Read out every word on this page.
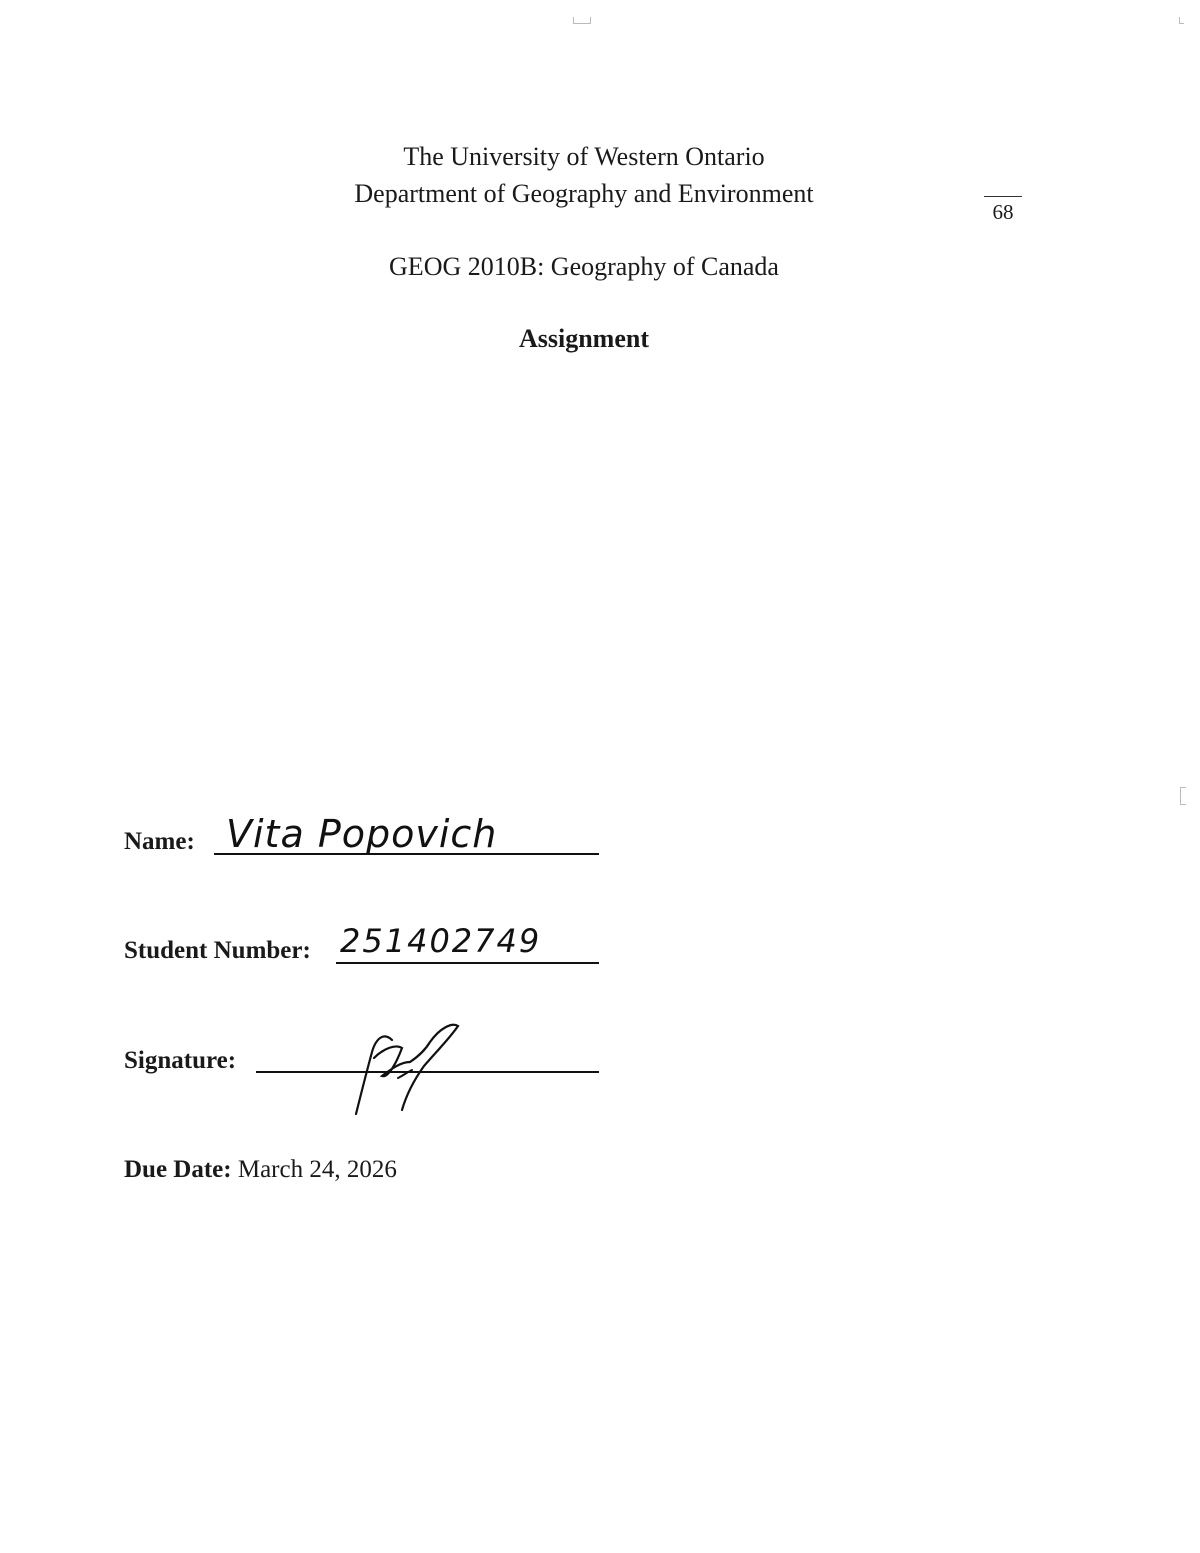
The University of Western Ontario
Department of Geography and Environment
GEOG 2010B: Geography of Canada
Assignment
68
Name: Vita Popovich
Student Number: 251402749
Signature:
Due Date: March 24, 2026
